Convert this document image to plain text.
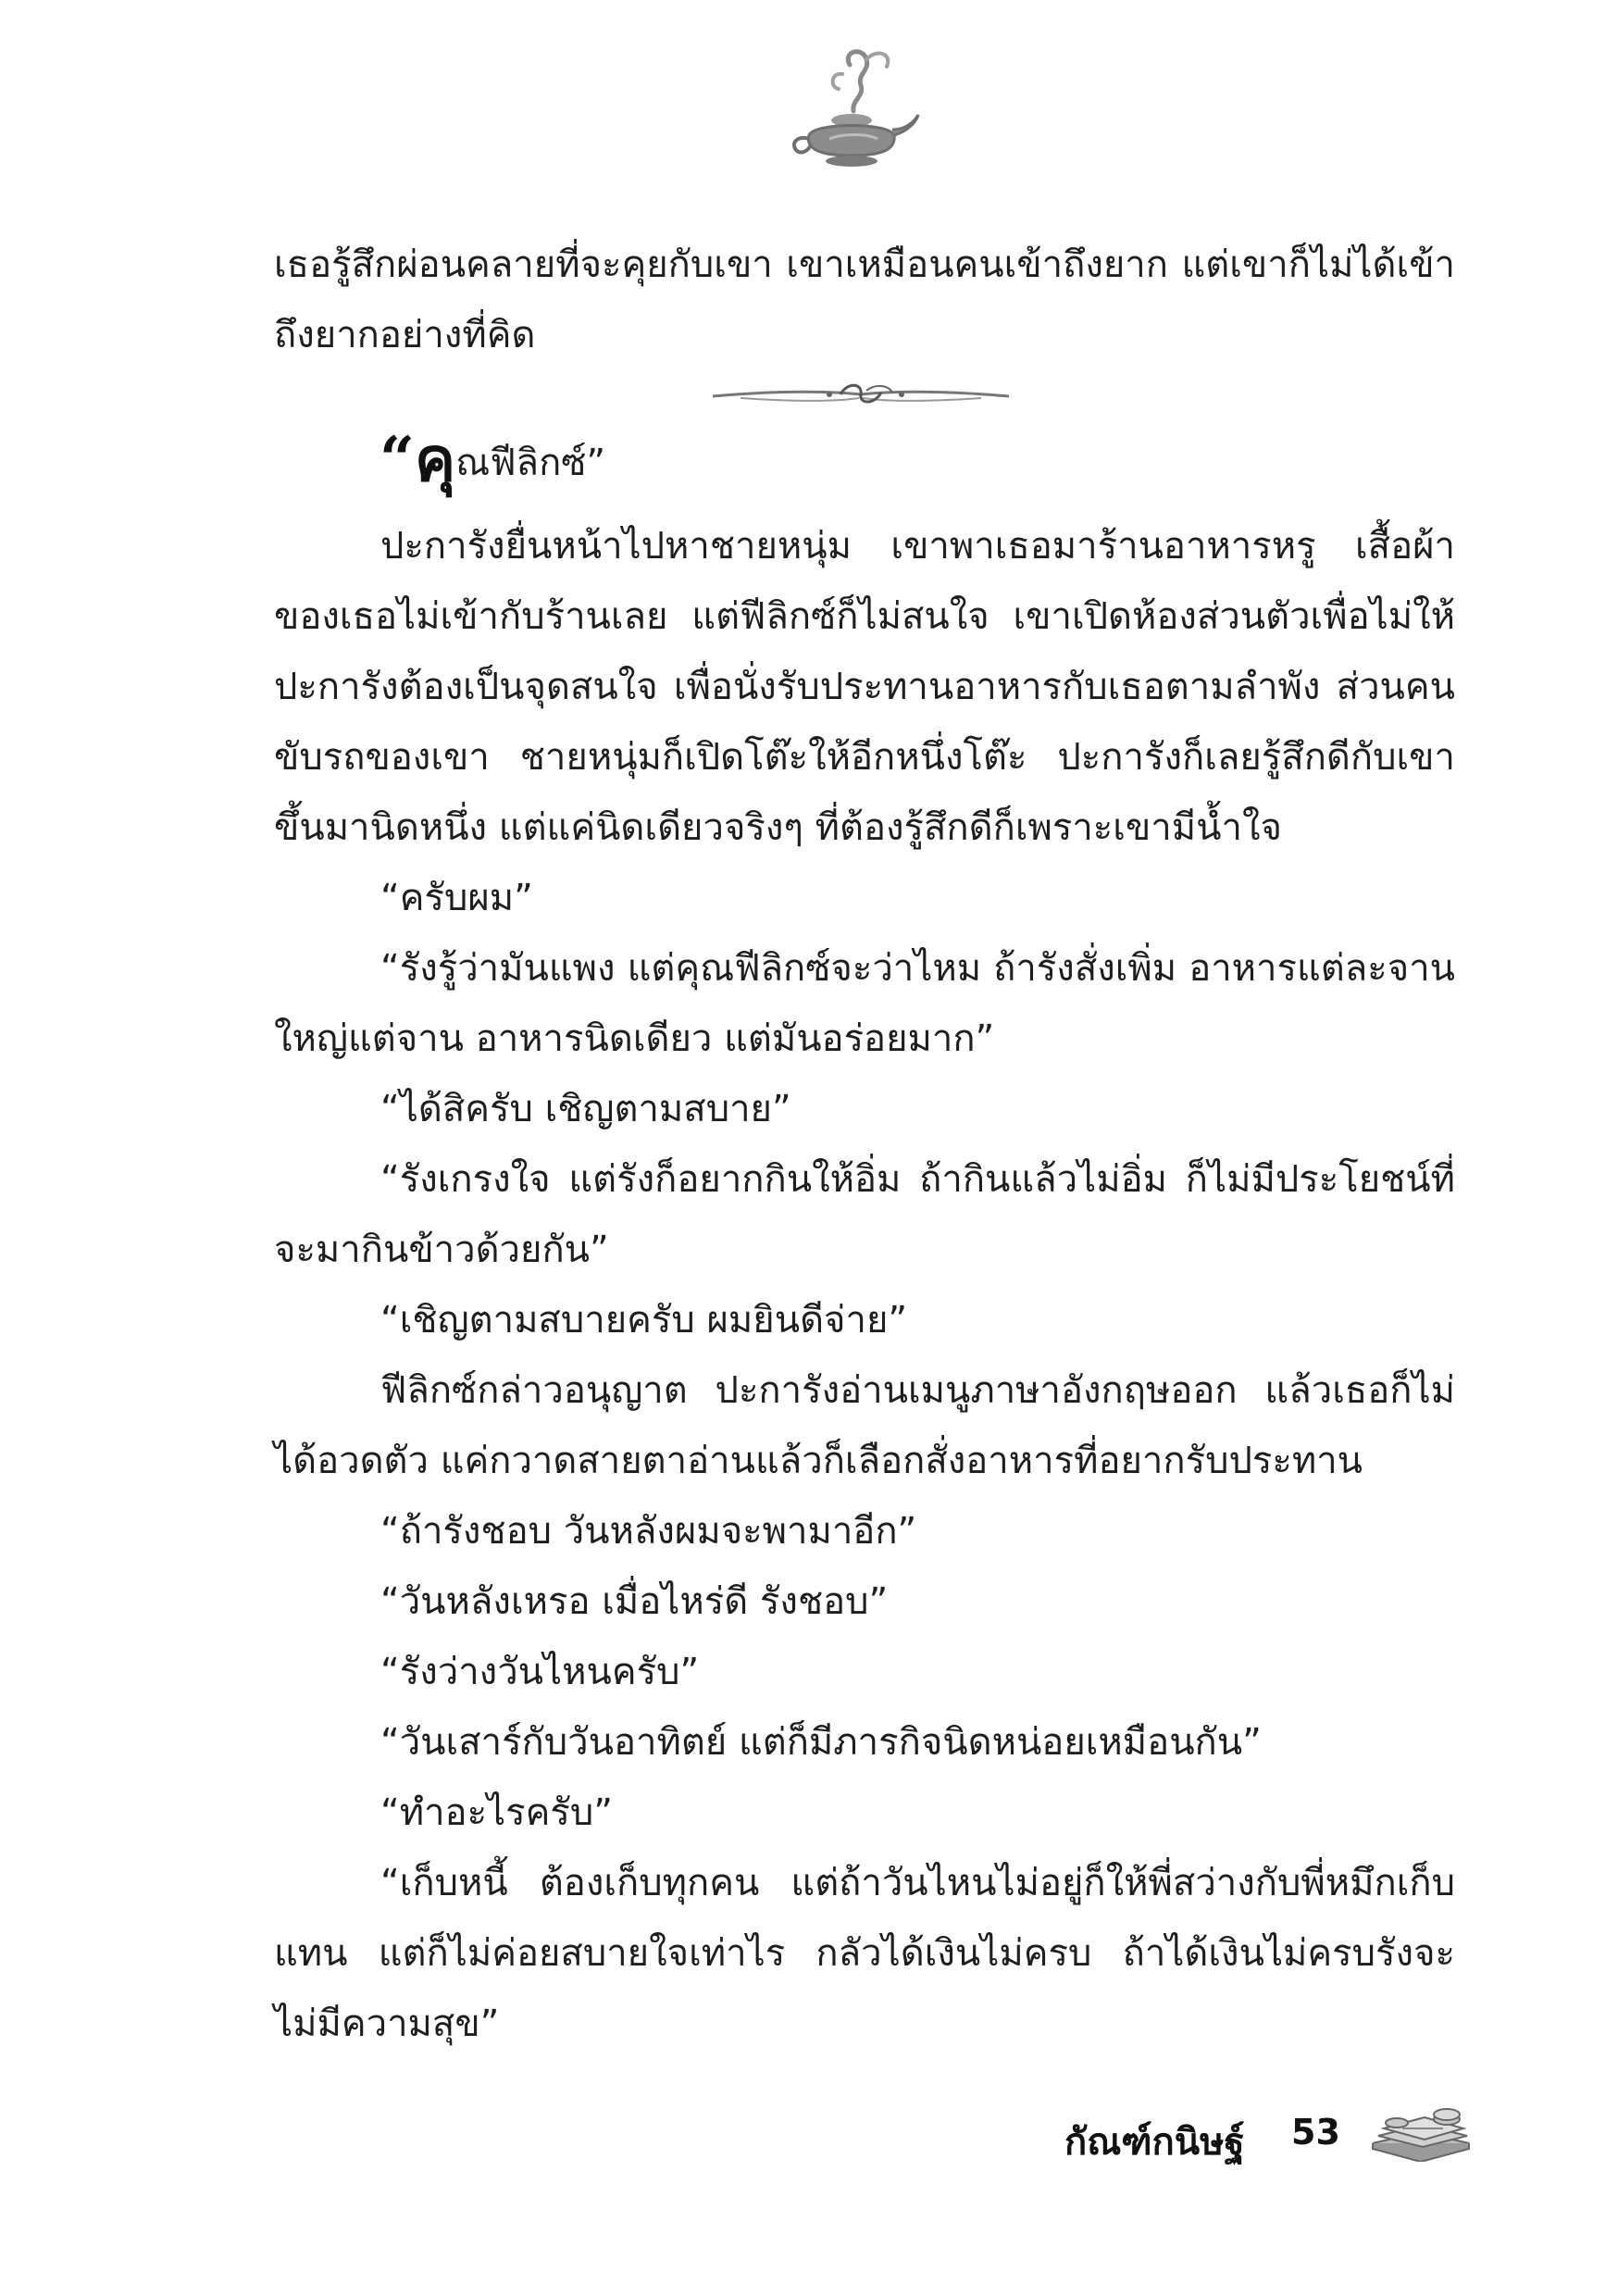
เธอรู้สึกผ่อนคลายที่จะคุยกับเขา เขาเหมือนคนเข้าถึงยาก แต่เขาก็ไม่ได้เข้าถึงยากอย่างที่คิด

“คุณฟีลิกซ์”

ปะการังยื่นหน้าไปหาชายหนุ่ม เขาพาเธอมาร้านอาหารหรู เสื้อผ้าของเธอไม่เข้ากับร้านเลย แต่ฟีลิกซ์ก็ไม่สนใจ เขาเปิดห้องส่วนตัวเพื่อไม่ให้ปะการังต้องเป็นจุดสนใจ เพื่อนั่งรับประทานอาหารกับเธอตามลำพัง ส่วนคนขับรถของเขา ชายหนุ่มก็เปิดโต๊ะให้อีกหนึ่งโต๊ะ ปะการังก็เลยรู้สึกดีกับเขาขึ้นมานิดหนึ่ง แต่แค่นิดเดียวจริงๆ ที่ต้องรู้สึกดีก็เพราะเขามีน้ำใจ

“ครับผม”

“รังรู้ว่ามันแพง แต่คุณฟีลิกซ์จะว่าไหม ถ้ารังสั่งเพิ่ม อาหารแต่ละจานใหญ่แต่จาน อาหารนิดเดียว แต่มันอร่อยมาก”

“ได้สิครับ เชิญตามสบาย”

“รังเกรงใจ แต่รังก็อยากกินให้อิ่ม ถ้ากินแล้วไม่อิ่ม ก็ไม่มีประโยชน์ที่จะมากินข้าวด้วยกัน”

“เชิญตามสบายครับ ผมยินดีจ่าย”

ฟีลิกซ์กล่าวอนุญาต ปะการังอ่านเมนูภาษาอังกฤษออก แล้วเธอก็ไม่ได้อวดตัว แค่กวาดสายตาอ่านแล้วก็เลือกสั่งอาหารที่อยากรับประทาน

“ถ้ารังชอบ วันหลังผมจะพามาอีก”

“วันหลังเหรอ เมื่อไหร่ดี รังชอบ”

“รังว่างวันไหนครับ”

“วันเสาร์กับวันอาทิตย์ แต่ก็มีภารกิจนิดหน่อยเหมือนกัน”

“ทำอะไรครับ”

“เก็บหนี้ ต้องเก็บทุกคน แต่ถ้าวันไหนไม่อยู่ก็ให้พี่สว่างกับพี่หมึกเก็บแทน แต่ก็ไม่ค่อยสบายใจเท่าไร กลัวได้เงินไม่ครบ ถ้าได้เงินไม่ครบรังจะไม่มีความสุข”

กัณฑ์กนิษฐ์ 53
